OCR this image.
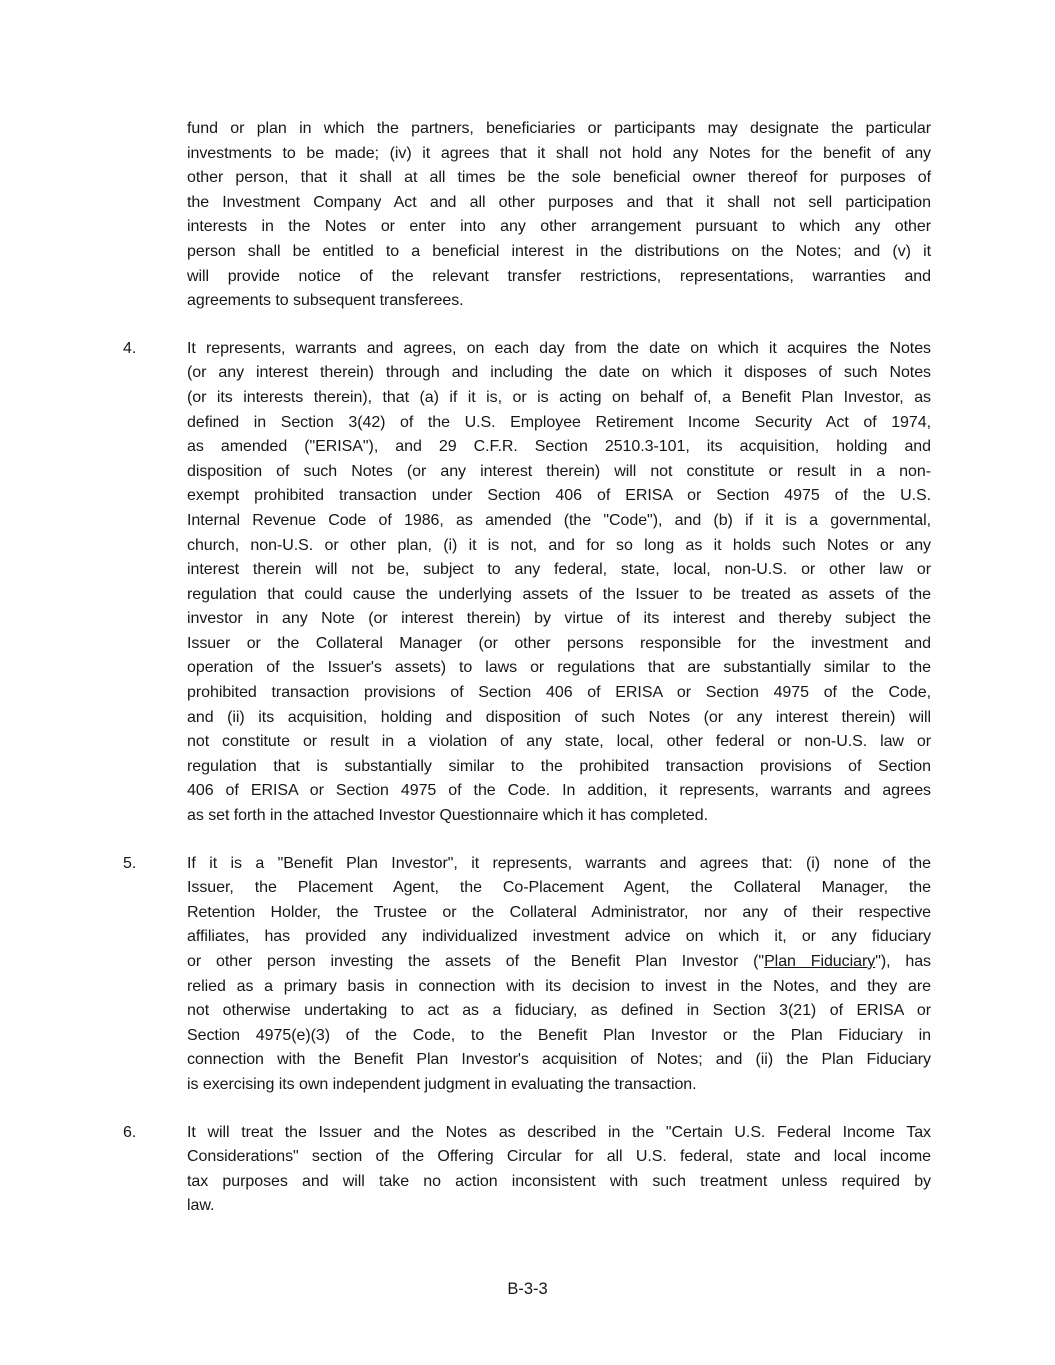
fund or plan in which the partners, beneficiaries or participants may designate the particular
investments to be made; (iv) it agrees that it shall not hold any Notes for the benefit of any
other person, that it shall at all times be the sole beneficial owner thereof for purposes of
the Investment Company Act and all other purposes and that it shall not sell participation
interests in the Notes or enter into any other arrangement pursuant to which any other
person shall be entitled to a beneficial interest in the distributions on the Notes; and (v) it
will provide notice of the relevant transfer restrictions, representations, warranties and
agreements to subsequent transferees.
4.	It represents, warrants and agrees, on each day from the date on which it acquires the Notes
(or any interest therein) through and including the date on which it disposes of such Notes
(or its interests therein), that (a) if it is, or is acting on behalf of, a Benefit Plan Investor, as
defined in Section 3(42) of the U.S. Employee Retirement Income Security Act of 1974,
as amended ("ERISA"), and 29 C.F.R. Section 2510.3-101, its acquisition, holding and
disposition of such Notes (or any interest therein) will not constitute or result in a non-
exempt prohibited transaction under Section 406 of ERISA or Section 4975 of the U.S.
Internal Revenue Code of 1986, as amended (the "Code"), and (b) if it is a governmental,
church, non-U.S. or other plan, (i) it is not, and for so long as it holds such Notes or any
interest therein will not be, subject to any federal, state, local, non-U.S. or other law or
regulation that could cause the underlying assets of the Issuer to be treated as assets of the
investor in any Note (or interest therein) by virtue of its interest and thereby subject the
Issuer or the Collateral Manager (or other persons responsible for the investment and
operation of the Issuer's assets) to laws or regulations that are substantially similar to the
prohibited transaction provisions of Section 406 of ERISA or Section 4975 of the Code,
and (ii) its acquisition, holding and disposition of such Notes (or any interest therein) will
not constitute or result in a violation of any state, local, other federal or non-U.S. law or
regulation that is substantially similar to the prohibited transaction provisions of Section
406 of ERISA or Section 4975 of the Code. In addition, it represents, warrants and agrees
as set forth in the attached Investor Questionnaire which it has completed.
5.	If it is a "Benefit Plan Investor", it represents, warrants and agrees that: (i) none of the
Issuer, the Placement Agent, the Co-Placement Agent, the Collateral Manager, the
Retention Holder, the Trustee or the Collateral Administrator, nor any of their respective
affiliates, has provided any individualized investment advice on which it, or any fiduciary
or other person investing the assets of the Benefit Plan Investor ("Plan Fiduciary"), has
relied as a primary basis in connection with its decision to invest in the Notes, and they are
not otherwise undertaking to act as a fiduciary, as defined in Section 3(21) of ERISA or
Section 4975(e)(3) of the Code, to the Benefit Plan Investor or the Plan Fiduciary in
connection with the Benefit Plan Investor's acquisition of Notes; and (ii) the Plan Fiduciary
is exercising its own independent judgment in evaluating the transaction.
6.	It will treat the Issuer and the Notes as described in the "Certain U.S. Federal Income Tax
Considerations" section of the Offering Circular for all U.S. federal, state and local income
tax purposes and will take no action inconsistent with such treatment unless required by
law.
B-3-3
